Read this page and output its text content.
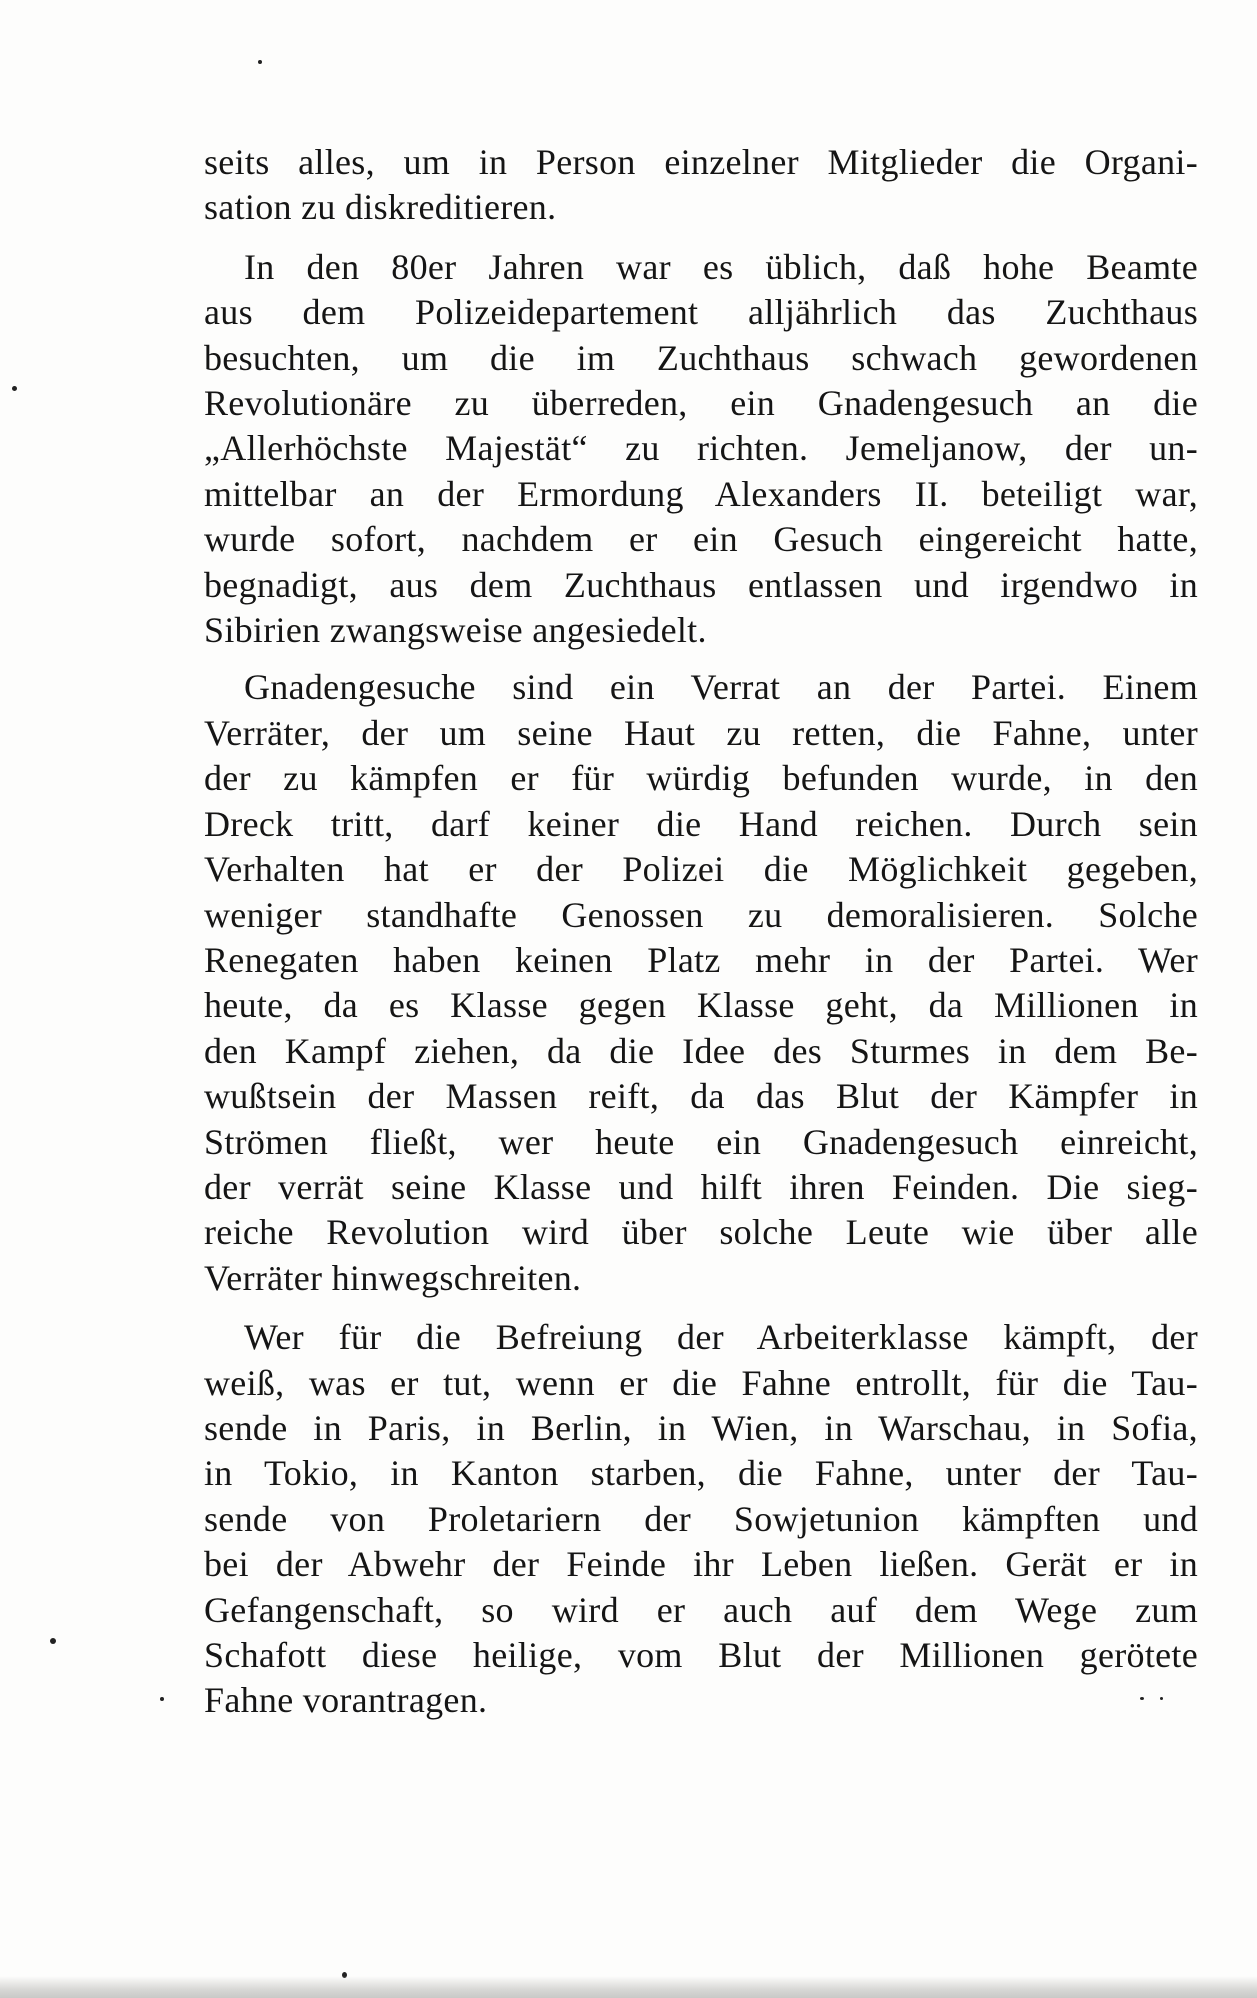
seits alles, um in Person einzelner Mitglieder die Organi-
sation zu diskreditieren.

In den 80er Jahren war es üblich, daß hohe Beamte
aus dem Polizeidepartement alljährlich das Zuchthaus
besuchten, um die im Zuchthaus schwach gewordenen
Revolutionäre zu überreden, ein Gnadengesuch an die
„Allerhöchste Majestät“ zu richten. Jemeljanow, der un-
mittelbar an der Ermordung Alexanders II. beteiligt war,
wurde sofort, nachdem er ein Gesuch eingereicht hatte,
begnadigt, aus dem Zuchthaus entlassen und irgendwo in
Sibirien zwangsweise angesiedelt.

Gnadengesuche sind ein Verrat an der Partei. Einem
Verräter, der um seine Haut zu retten, die Fahne, unter
der zu kämpfen er für würdig befunden wurde, in den
Dreck tritt, darf keiner die Hand reichen. Durch sein
Verhalten hat er der Polizei die Möglichkeit gegeben,
weniger standhafte Genossen zu demoralisieren. Solche
Renegaten haben keinen Platz mehr in der Partei. Wer
heute, da es Klasse gegen Klasse geht, da Millionen in
den Kampf ziehen, da die Idee des Sturmes in dem Be-
wußtsein der Massen reift, da das Blut der Kämpfer in
Strömen fließt, wer heute ein Gnadengesuch einreicht,
der verrät seine Klasse und hilft ihren Feinden. Die sieg-
reiche Revolution wird über solche Leute wie über alle
Verräter hinwegschreiten.

Wer für die Befreiung der Arbeiterklasse kämpft, der
weiß, was er tut, wenn er die Fahne entrollt, für die Tau-
sende in Paris, in Berlin, in Wien, in Warschau, in Sofia,
in Tokio, in Kanton starben, die Fahne, unter der Tau-
sende von Proletariern der Sowjetunion kämpften und
bei der Abwehr der Feinde ihr Leben ließen. Gerät er in
Gefangenschaft, so wird er auch auf dem Wege zum
Schafott diese heilige, vom Blut der Millionen gerötete
Fahne vorantragen.
